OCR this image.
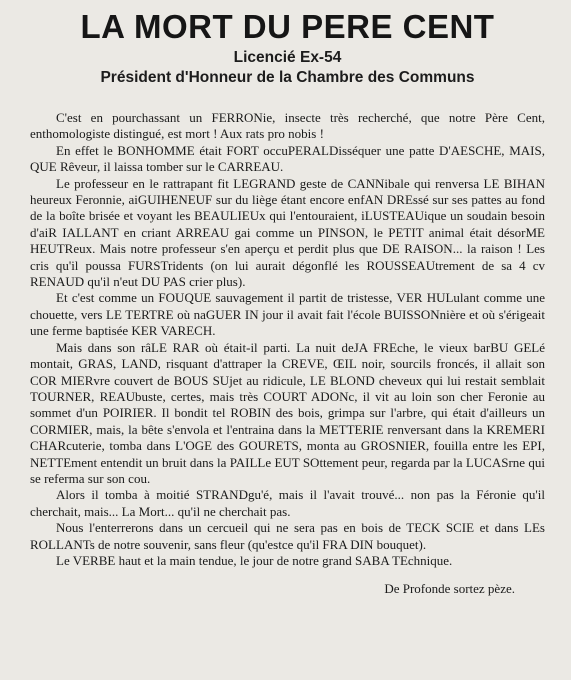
LA MORT DU PERE CENT
Licencié Ex-54
Président d'Honneur de la Chambre des Communs

C'est en pourchassant un FERRONie, insecte très recherché, que notre Père Cent, enthomologiste distingué, est mort ! Aux rats pro nobis !

En effet le BONHOMME était FORT occuPERALDisséquer une patte D'AESCHE, MAIS, QUE Rêveur, il laissa tomber sur le CARREAU.

Le professeur en le rattrapant fit LEGRAND geste de CANNibale qui renversa LE BIHAN heureux Feronnie, aiGUIHENEUF sur du liège étant encore enfAN DREssé sur ses pattes au fond de la boîte brisée et voyant les BEAULIEUx qui l'entouraient, iLUSTEAUique un soudain besoin d'aiR IALLANT en criant ARREAU gai comme un PINSON, le PETIT animal était désorME HEUTReux. Mais notre professeur s'en aperçu et perdit plus que DE RAISON... la raison ! Les cris qu'il poussa FURSTridents (on lui aurait dégonflé les ROUSSEAUtrement de sa 4 cv RENAUD qu'il n'eut DU PAS crier plus).

Et c'est comme un FOUQUE sauvagement il partit de tristesse, VER HULulant comme une chouette, vers LE TERTRE où naGUER IN jour il avait fait l'école BUISSONnière et où s'érigeait une ferme baptisée KER VARECH.

Mais dans son râLE RAR où était-il parti. La nuit deJA FREche, le vieux barBU GELé montait, GRAS, LAND, risquant d'attraper la CREVE, ŒIL noir, sourcils froncés, il allait son COR MIERvre couvert de BOUS SUjet au ridicule, LE BLOND cheveux qui lui restait semblait TOURNER, REAUbuste, certes, mais très COURT ADONc, il vit au loin son cher Feronie au sommet d'un POIRIER. Il bondit tel ROBIN des bois, grimpa sur l'arbre, qui était d'ailleurs un CORMIER, mais, la bête s'envola et l'entraina dans la METTERIE renversant dans la KREMERI CHARcuterie, tomba dans L'OGE des GOURETS, monta au GROSNIER, fouilla entre les EPI, NETTEment entendit un bruit dans la PAILLe EUT SOttement peur, regarda par la LUCASrne qui se referma sur son cou.

Alors il tomba à moitié STRANDgu'é, mais il l'avait trouvé... non pas la Féronie qu'il cherchait, mais... La Mort... qu'il ne cherchait pas.

Nous l'enterrerons dans un cercueil qui ne sera pas en bois de TECK SCIE et dans LEs ROLLANTs de notre souvenir, sans fleur (qu'estce qu'il FRA DIN bouquet).

Le VERBE haut et la main tendue, le jour de notre grand SABA TEchnique.

De Profonde sortez pèze.
